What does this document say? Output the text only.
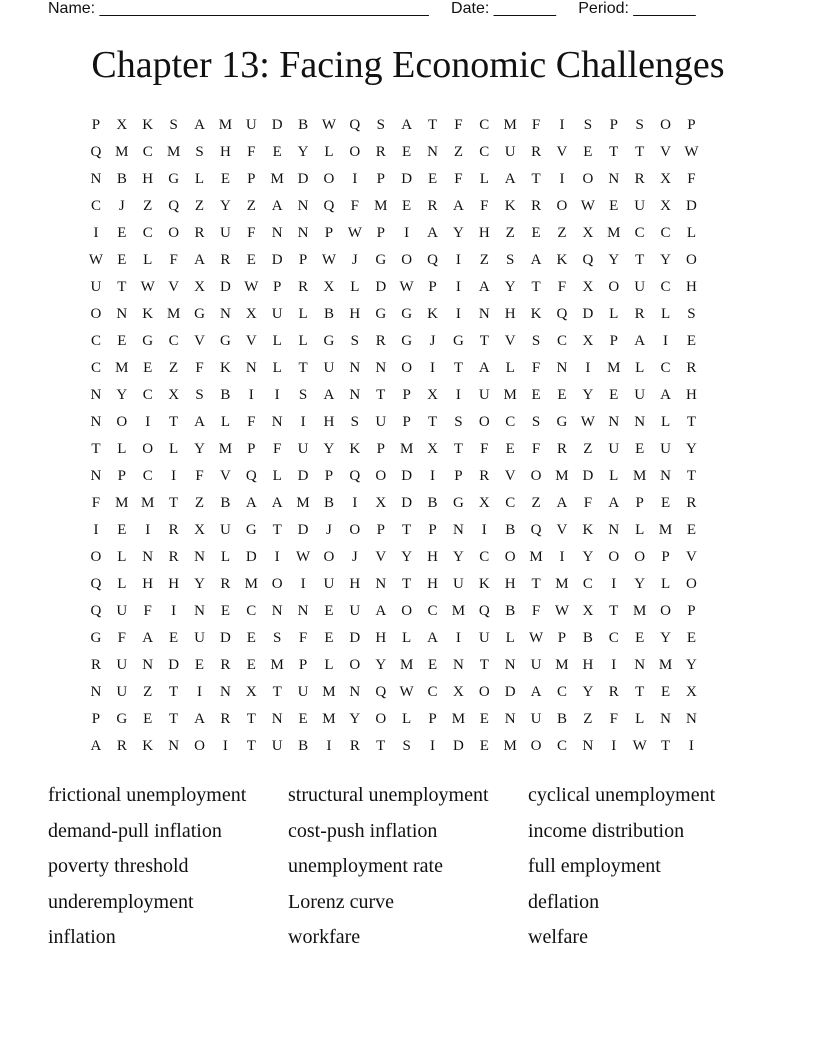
Name: _____________________________________     Date: _______     Period: _______
Chapter 13: Facing Economic Challenges
P	X	K	S	A M U	D	B W Q	S	A	T	F	C M	F	I	S	P	S	O	P
Q M C M	S	H	F	E	Y	L	O	R	E	N	Z	C	U	R	V	E	T	T	V W
N	B	H	G	L	E	P	M D	O	I	P	D	E	F	L	A	T	I	O	N	R	X	F
C	J	Z	Q	Z	Y	Z	A	N	Q	F	M E	R	A	F	K	R	O W E	U	X	D
I	E	C	O	R	U	F	N	N	P W P	I	A	Y	H	Z	E	Z	X M C	C	L
W E	L	F	A	R	E	D	P W	J	G	O	Q	I	Z	S	A	K	Q	Y	T	Y	O
U	T W V	X	D W P	R	X	L	D W P	I	A	Y	T	F	X	O	U	C	H
O	N	K M G	N	X	U	L	B	H	G	G	K	I	N	H	K	Q	D	L	R	L	S
C	E	G	C	V	G	V	L	L	G	S	R	G	J	G	T	V	S	C	X	P	A	I	E
C M E	Z	F	K	N	L	T	U	N	N	O	I	T	A	L	F	N	I	M L	C	R
N	Y	C	X	S	B	I	I	S	A	N	T	P	X	I	U M E	E	Y	E	U	A	H
N	O	I	T	A	L	F	N	I	H	S	U	P	T	S	O	C	S	G W N	N	L	T
T	L	O	L	Y M	P	F	U	Y	K	P	M X	T	F	E	F	R	Z	U	E	U	Y
N	P	C	I	F	V	Q	L	D	P	Q	O	D	I	P	R	V	O M D	L M N	T
F	M M T	Z	B	A	A M B	I	X	D	B	G	X	C	Z	A	F	A	P	E	R
I	E	I	R	X	U	G	T	D	J	O	P	T	P	N	I	B	Q	V	K	N	L M E
O	L	N	R	N	L	D	I	W O	J	V	Y	H	Y	C	O M	I	Y	O	O	P	V
Q	L	H	H	Y	R M O	I	U	H	N	T	H	U	K	H	T M C	I	Y	L	O
Q	U	F	I	N	E	C	N	N	E	U	A	O	C M Q	B	F W X	T M O	P
G	F	A	E	U	D	E	S	F	E	D	H	L	A	I	U	L W P	B	C	E	Y	E
R	U	N	D	E	R	E M	P	L	O	Y M E	N	T	N	U M H	I	N M Y
N	U	Z	T	I	N	X	T	U M N	Q W C	X	O	D	A	C	Y	R	T	E	X
P	G	E	T	A	R	T	N	E M Y	O	L	P	M E	N	U	B	Z	F	L	N	N
A	R	K	N	O	I	T	U	B	I	R	T	S	I	D	E M O	C	N	I	W T	I
frictional unemployment	structural unemployment	cyclical unemployment
demand-pull inflation	cost-push inflation	income distribution
poverty threshold	unemployment rate	full employment
underemployment	Lorenz curve	deflation
inflation	workfare	welfare
